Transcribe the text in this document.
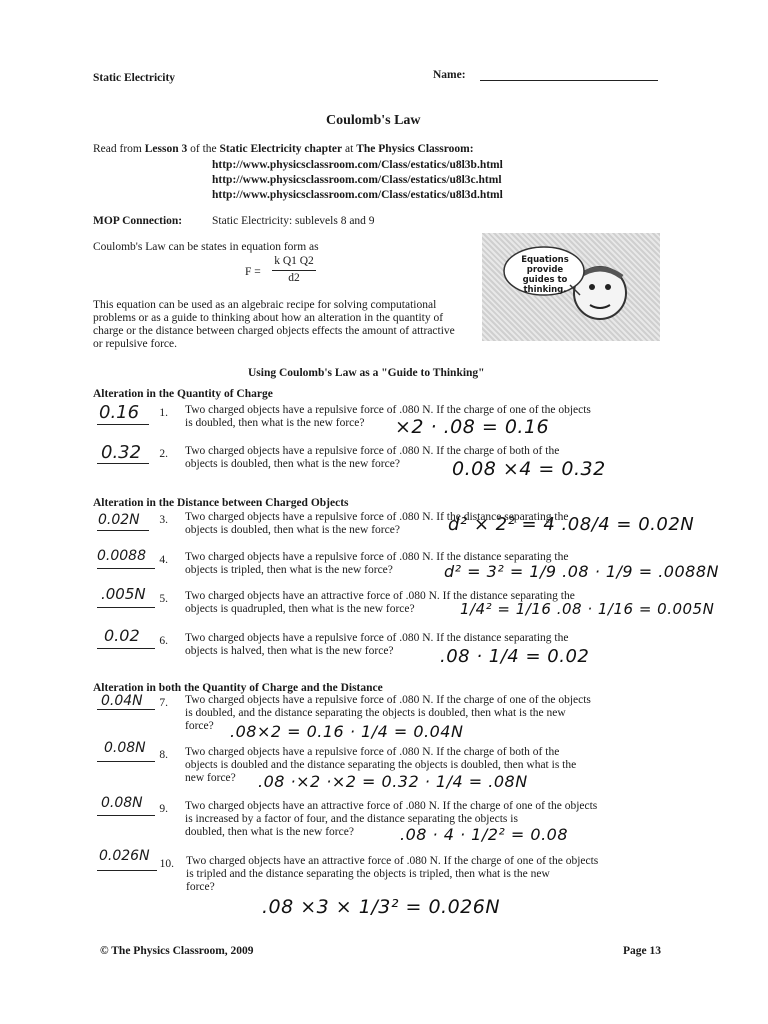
Static Electricity	Name:
Coulomb's Law
Read from Lesson 3 of the Static Electricity chapter at The Physics Classroom:
http://www.physicsclassroom.com/Class/estatics/u8l3b.html
http://www.physicsclassroom.com/Class/estatics/u8l3c.html
http://www.physicsclassroom.com/Class/estatics/u8l3d.html
MOP Connection:	Static Electricity: sublevels 8 and 9
Coulomb's Law can be states in equation form as
F =
k Q1 Q2
d2
Equations provide guides to thinking.
This equation can be used as an algebraic recipe for solving computational problems or as a guide to thinking about how an alteration in the quantity of charge or the distance between charged objects effects the amount of attractive or repulsive force.
Using Coulomb's Law as a "Guide to Thinking"
Alteration in the Quantity of Charge
0.16	1. Two charged objects have a repulsive force of .080 N. If the charge of one of the objects
is doubled, then what is the new force?	×2 · .08 = 0.16
0.32	2. Two charged objects have a repulsive force of .080 N. If the charge of both of the
objects is doubled, then what is the new force?	0.08 ×4 = 0.32
Alteration in the Distance between Charged Objects
0.02N	3. Two charged objects have a repulsive force of .080 N. If the distance separating the
objects is doubled, then what is the new force?	d² × 2² = 4 .08/4 = 0.02N
0.0088	4. Two charged objects have a repulsive force of .080 N. If the distance separating the
objects is tripled, then what is the new force?	d² = 3² = 1/9 .08 · 1/9 = .0088N
.005N	5. Two charged objects have an attractive force of .080 N. If the distance separating the
objects is quadrupled, then what is the new force?	1/4² = 1/16 .08 · 1/16 = 0.005N
0.02	6. Two charged objects have a repulsive force of .080 N. If the distance separating the
objects is halved, then what is the new force?	.08 · 1/4 = 0.02
Alteration in both the Quantity of Charge and the Distance
0.04N	7. Two charged objects have a repulsive force of .080 N. If the charge of one of the objects
is doubled, and the distance separating the objects is doubled, then what is the new
force?	.08×2 = 0.16 · 1/4 = 0.04N
0.08N	8. Two charged objects have a repulsive force of .080 N. If the charge of both of the
objects is doubled and the distance separating the objects is doubled, then what is the
new force?	.08 ·×2 ·×2 = 0.32 · 1/4 = .08N
0.08N	9. Two charged objects have an attractive force of .080 N. If the charge of one of the objects
is increased by a factor of four, and the distance separating the objects is
doubled, then what is the new force?	.08 · 4 · 1/2² = 0.08
0.026N 10. Two charged objects have an attractive force of .080 N. If the charge of one of the objects
is tripled and the distance separating the objects is tripled, then what is the new
force?
.08 ×3 × 1/3² = 0.026N
© The Physics Classroom, 2009	Page 13
